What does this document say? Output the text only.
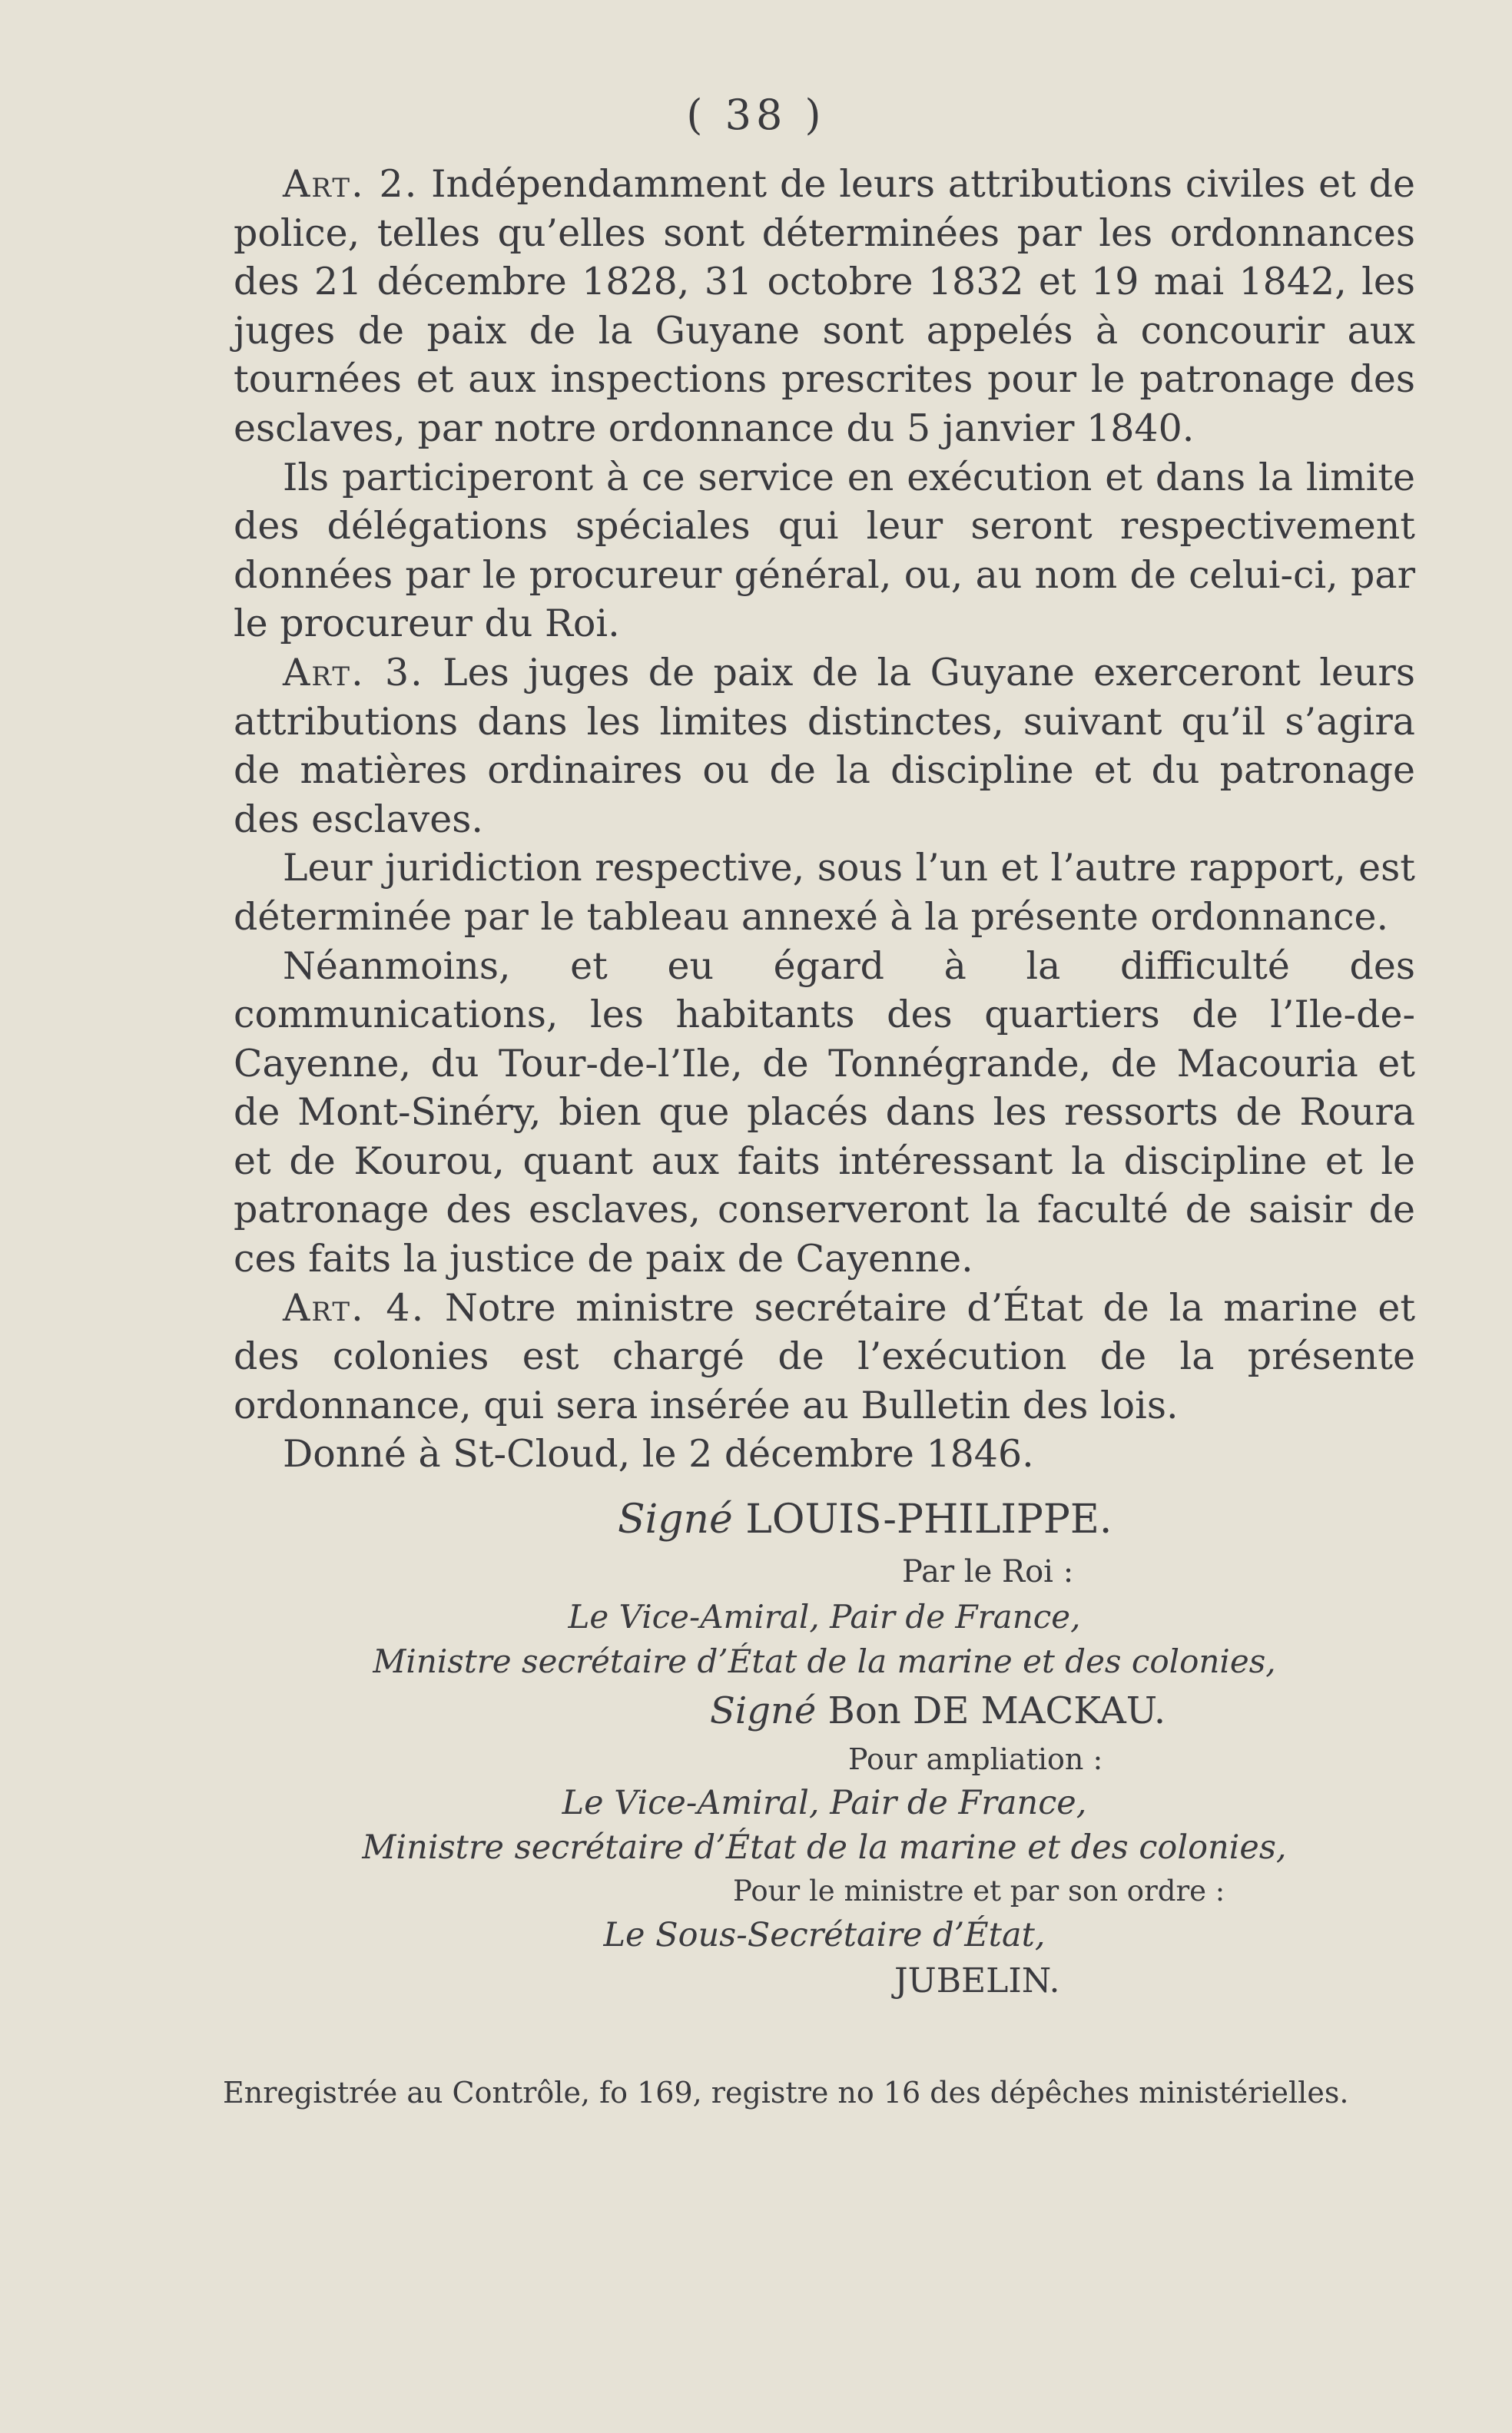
( 38 )

Art. 2. Indépendamment de leurs attributions civiles et de police, telles qu’elles sont déterminées par les ordonnances des 21 décembre 1828, 31 octobre 1832 et 19 mai 1842, les juges de paix de la Guyane sont appelés à concourir aux tournées et aux inspections prescrites pour le patronage des esclaves, par notre ordonnance du 5 janvier 1840.

Ils participeront à ce service en exécution et dans la limite des délégations spéciales qui leur seront respectivement données par le procureur général, ou, au nom de celui-ci, par le procureur du Roi.

Art. 3. Les juges de paix de la Guyane exerceront leurs attributions dans les limites distinctes, suivant qu’il s’agira de matières ordinaires ou de la discipline et du patronage des esclaves.

Leur juridiction respective, sous l’un et l’autre rapport, est déterminée par le tableau annexé à la présente ordonnance.

Néanmoins, et eu égard à la difficulté des communications, les habitants des quartiers de l’Ile-de-Cayenne, du Tour-de-l’Ile, de Tonnégrande, de Macouria et de Mont-Sinéry, bien que placés dans les ressorts de Roura et de Kourou, quant aux faits intéressant la discipline et le patronage des esclaves, conserveront la faculté de saisir de ces faits la justice de paix de Cayenne.

Art. 4. Notre ministre secrétaire d’État de la marine et des colonies est chargé de l’exécution de la présente ordonnance, qui sera insérée au Bulletin des lois.

Donné à St-Cloud, le 2 décembre 1846.

Signé LOUIS-PHILIPPE.
Par le Roi :
Le Vice-Amiral, Pair de France,
Ministre secrétaire d’État de la marine et des colonies,
Signé Bon DE MACKAU.
Pour ampliation :
Le Vice-Amiral, Pair de France,
Ministre secrétaire d’État de la marine et des colonies,
Pour le ministre et par son ordre :
Le Sous-Secrétaire d’État,
JUBELIN.
Enregistrée au Contrôle, fo 169, registre no 16 des dépêches ministérielles.
